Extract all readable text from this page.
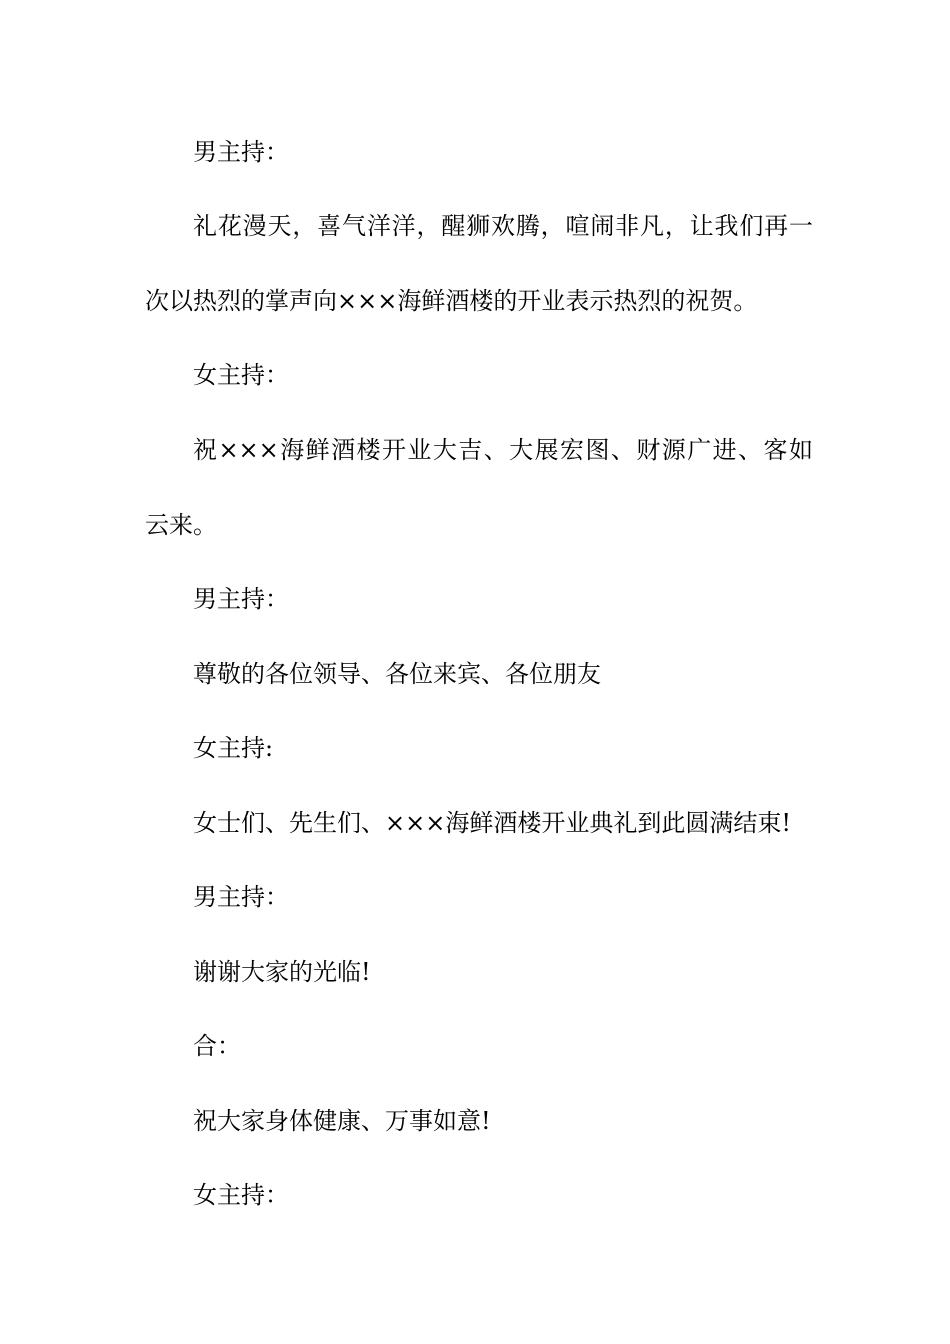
男主持：
礼花漫天，喜气洋洋，醒狮欢腾，喧闹非凡，让我们再一
次以热烈的掌声向×××海鲜酒楼的开业表示热烈的祝贺。
女主持：
祝×××海鲜酒楼开业大吉、大展宏图、财源广进、客如
云来。
男主持：
尊敬的各位领导、各位来宾、各位朋友
女主持:
女士们、先生们、×××海鲜酒楼开业典礼到此圆满结束!
男主持：
谢谢大家的光临!
合：
祝大家身体健康、万事如意!
女主持：
